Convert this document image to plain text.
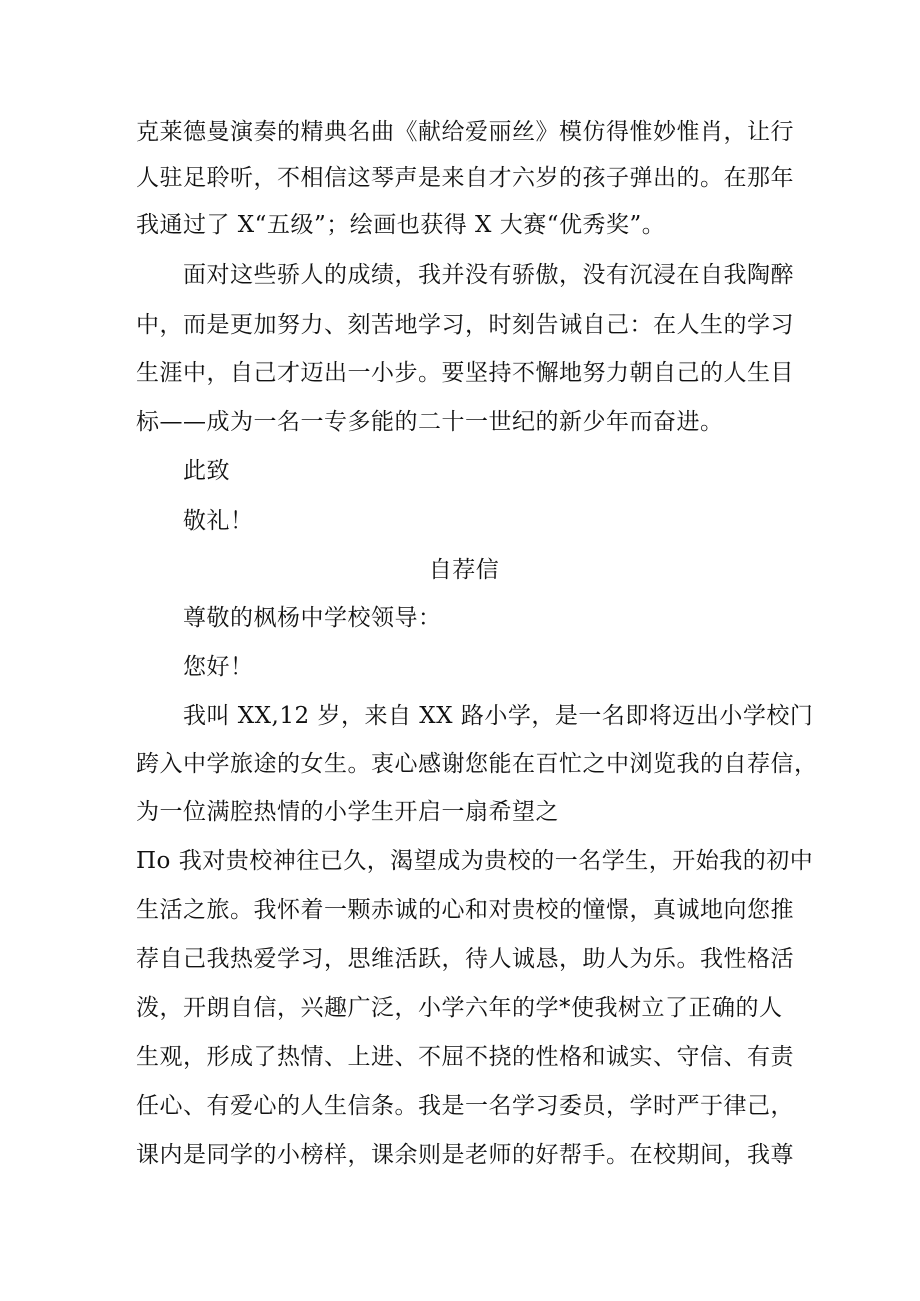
克莱德曼演奏的精典名曲《献给爱丽丝》模仿得惟妙惟肖，让行
人驻足聆听，不相信这琴声是来自才六岁的孩子弹出的。在那年
我通过了 X“五级”；绘画也获得 X 大赛“优秀奖”。
面对这些骄人的成绩，我并没有骄傲，没有沉浸在自我陶醉
中，而是更加努力、刻苦地学习，时刻告诫自己：在人生的学习
生涯中，自己才迈出一小步。要坚持不懈地努力朝自己的人生目
标——成为一名一专多能的二十一世纪的新少年而奋进。
此致
敬礼！
自荐信
尊敬的枫杨中学校领导：
您好！
我叫 XX,12 岁，来自 XX 路小学，是一名即将迈出小学校门
跨入中学旅途的女生。衷心感谢您能在百忙之中浏览我的自荐信，
为一位满腔热情的小学生开启一扇希望之
Πo 我对贵校神往已久，渴望成为贵校的一名学生，开始我的初中
生活之旅。我怀着一颗赤诚的心和对贵校的憧憬，真诚地向您推
荐自己我热爱学习，思维活跃，待人诚恳，助人为乐。我性格活
泼，开朗自信，兴趣广泛，小学六年的学*使我树立了正确的人
生观，形成了热情、上进、不屈不挠的性格和诚实、守信、有责
任心、有爱心的人生信条。我是一名学习委员，学时严于律己，
课内是同学的小榜样，课余则是老师的好帮手。在校期间，我尊
